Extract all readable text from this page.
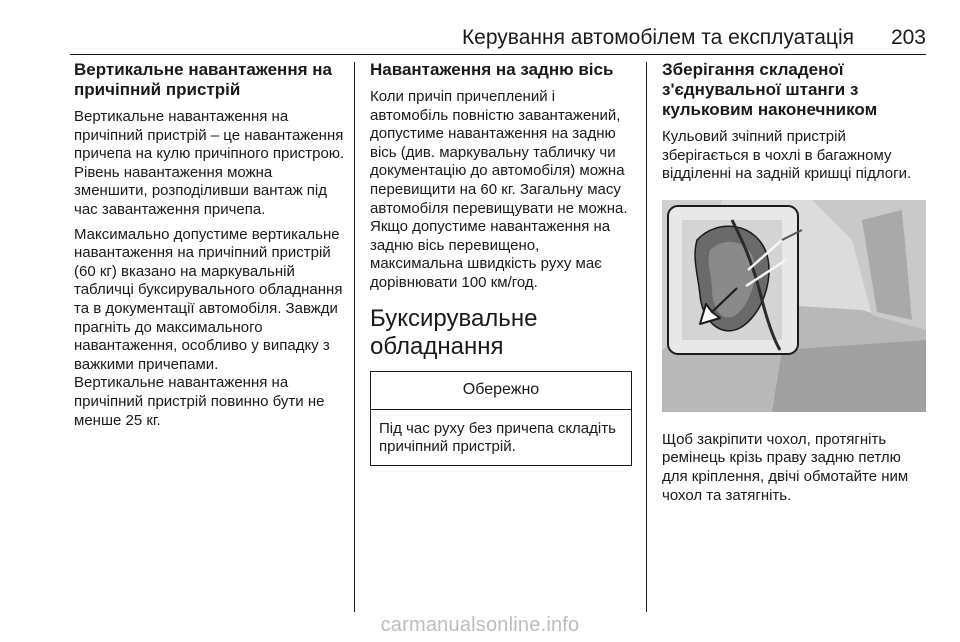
Керування автомобілем та експлуатація 203
Вертикальне навантаження на причіпний пристрій
Вертикальне навантаження на причіпний пристрій – це навантаження причепа на кулю причіпного пристрою. Рівень навантаження можна зменшити, розподіливши вантаж під час завантаження причепа.
Максимально допустиме вертикальне навантаження на причіпний пристрій (60 кг) вказано на маркувальній табличці буксирувального обладнання та в документації автомобіля. Завжди прагніть до максимального навантаження, особливо у випадку з важкими причепами.
Вертикальне навантаження на причіпний пристрій повинно бути не менше 25 кг.
Навантаження на задню вісь
Коли причіп причеплений і автомобіль повністю завантажений, допустиме навантаження на задню вісь (див. маркувальну табличку чи документацію до автомобіля) можна перевищити на 60 кг. Загальну масу автомобіля перевищувати не можна. Якщо допустиме навантаження на задню вісь перевищено, максимальна швидкість руху має дорівнювати 100 км/год.
Буксирувальне обладнання
Обережно
Під час руху без причепа складіть причіпний пристрій.
Зберігання складеної з'єднувальної штанги з кульковим наконечником
Кульовий зчіпний пристрій зберігається в чохлі в багажному відділенні на задній кришці підлоги.
Щоб закріпити чохол, протягніть ремінець крізь праву задню петлю для кріплення, двічі обмотайте ним чохол та затягніть.
carmanualsonline.info
